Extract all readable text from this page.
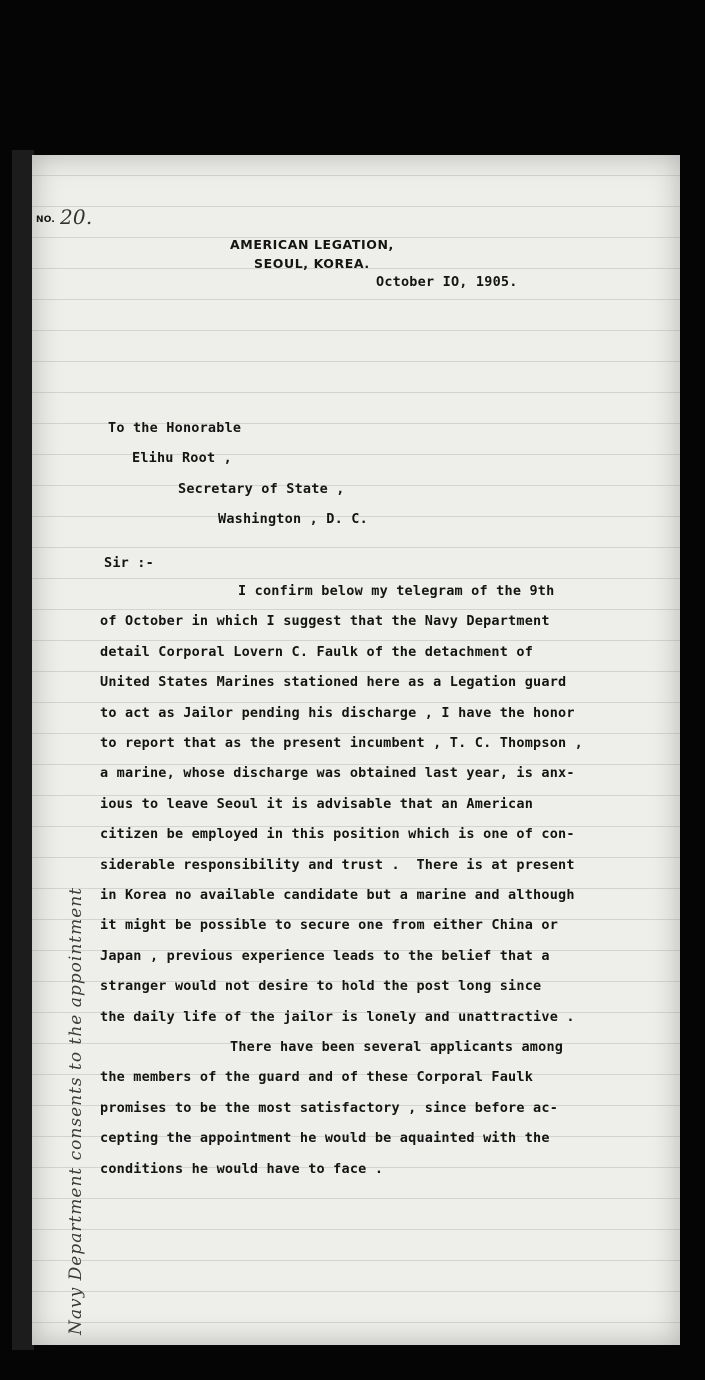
NO. 20.
AMERICAN LEGATION,
SEOUL, KOREA.
October IO, 1905.
To the Honorable
Elihu Root ,
Secretary of State ,
Washington , D. C.
Sir :-
I confirm below my telegram of the 9th
of October in which I suggest that the Navy Department
detail Corporal Lovern C. Faulk of the detachment of
United States Marines stationed here as a Legation guard
to act as Jailor pending his discharge , I have the honor
to report that as the present incumbent , T. C. Thompson ,
a marine, whose discharge was obtained last year, is anx-
ious to leave Seoul it is advisable that an American
citizen be employed in this position which is one of con-
siderable responsibility and trust .  There is at present
in Korea no available candidate but a marine and although
it might be possible to secure one from either China or
Japan , previous experience leads to the belief that a
stranger would not desire to hold the post long since
the daily life of the jailor is lonely and unattractive .
There have been several applicants among
the members of the guard and of these Corporal Faulk
promises to be the most satisfactory , since before ac-
cepting the appointment he would be aquainted with the
conditions he would have to face .
Navy Department consents to the appointment
